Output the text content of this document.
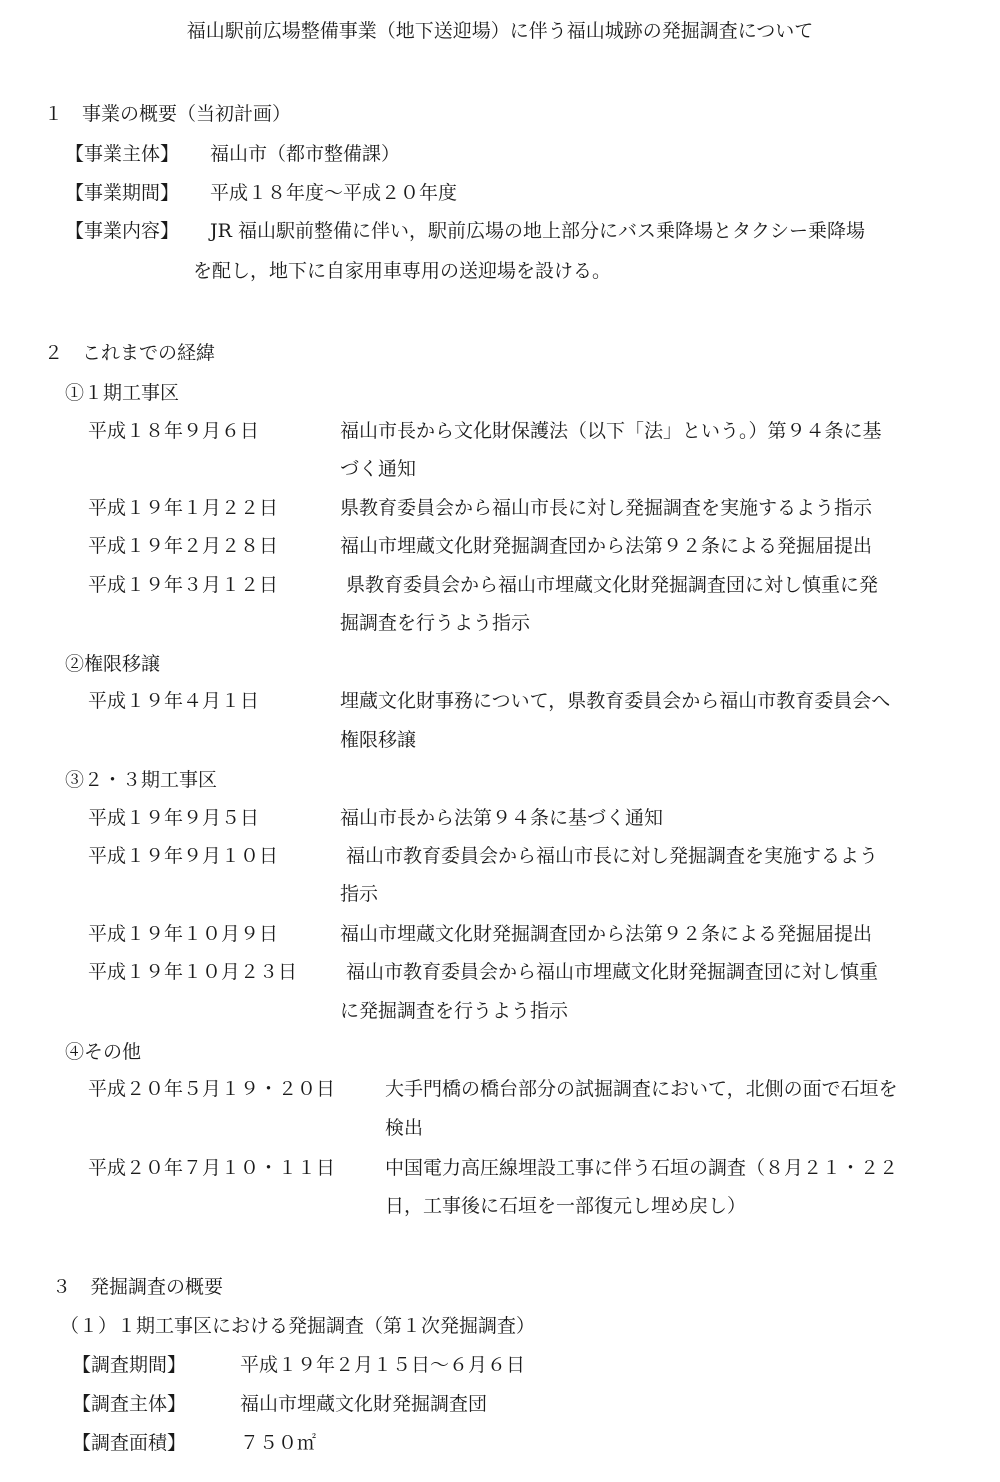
福山駅前広場整備事業（地下送迎場）に伴う福山城跡の発掘調査について
１　事業の概要（当初計画）
【事業主体】 福山市（都市整備課）
【事業期間】 平成１８年度～平成２０年度
【事業内容】 JR 福山駅前整備に伴い，駅前広場の地上部分にバス乗降場とタクシー乗降場
を配し，地下に自家用車専用の送迎場を設ける。
２　これまでの経緯
①１期工事区
平成１８年９月６日	福山市長から文化財保護法（以下「法」という。）第９４条に基
づく通知
平成１９年１月２２日	県教育委員会から福山市長に対し発掘調査を実施するよう指示
平成１９年２月２８日	福山市埋蔵文化財発掘調査団から法第９２条による発掘届提出
平成１９年３月１２日	県教育委員会から福山市埋蔵文化財発掘調査団に対し慎重に発
掘調査を行うよう指示
②権限移譲
平成１９年４月１日	埋蔵文化財事務について，県教育委員会から福山市教育委員会へ
権限移譲
③２・３期工事区
平成１９年９月５日	福山市長から法第９４条に基づく通知
平成１９年９月１０日	福山市教育委員会から福山市長に対し発掘調査を実施するよう
指示
平成１９年１０月９日	福山市埋蔵文化財発掘調査団から法第９２条による発掘届提出
平成１９年１０月２３日	福山市教育委員会から福山市埋蔵文化財発掘調査団に対し慎重
に発掘調査を行うよう指示
④その他
平成２０年５月１９・２０日	大手門橋の橋台部分の試掘調査において，北側の面で石垣を
検出
平成２０年７月１０・１１日	中国電力高圧線埋設工事に伴う石垣の調査（８月２１・２２
日，工事後に石垣を一部復元し埋め戻し）
３　発掘調査の概要
（１）１期工事区における発掘調査（第１次発掘調査）
【調査期間】	平成１９年２月１５日～６月６日
【調査主体】	福山市埋蔵文化財発掘調査団
【調査面積】	７５０㎡
